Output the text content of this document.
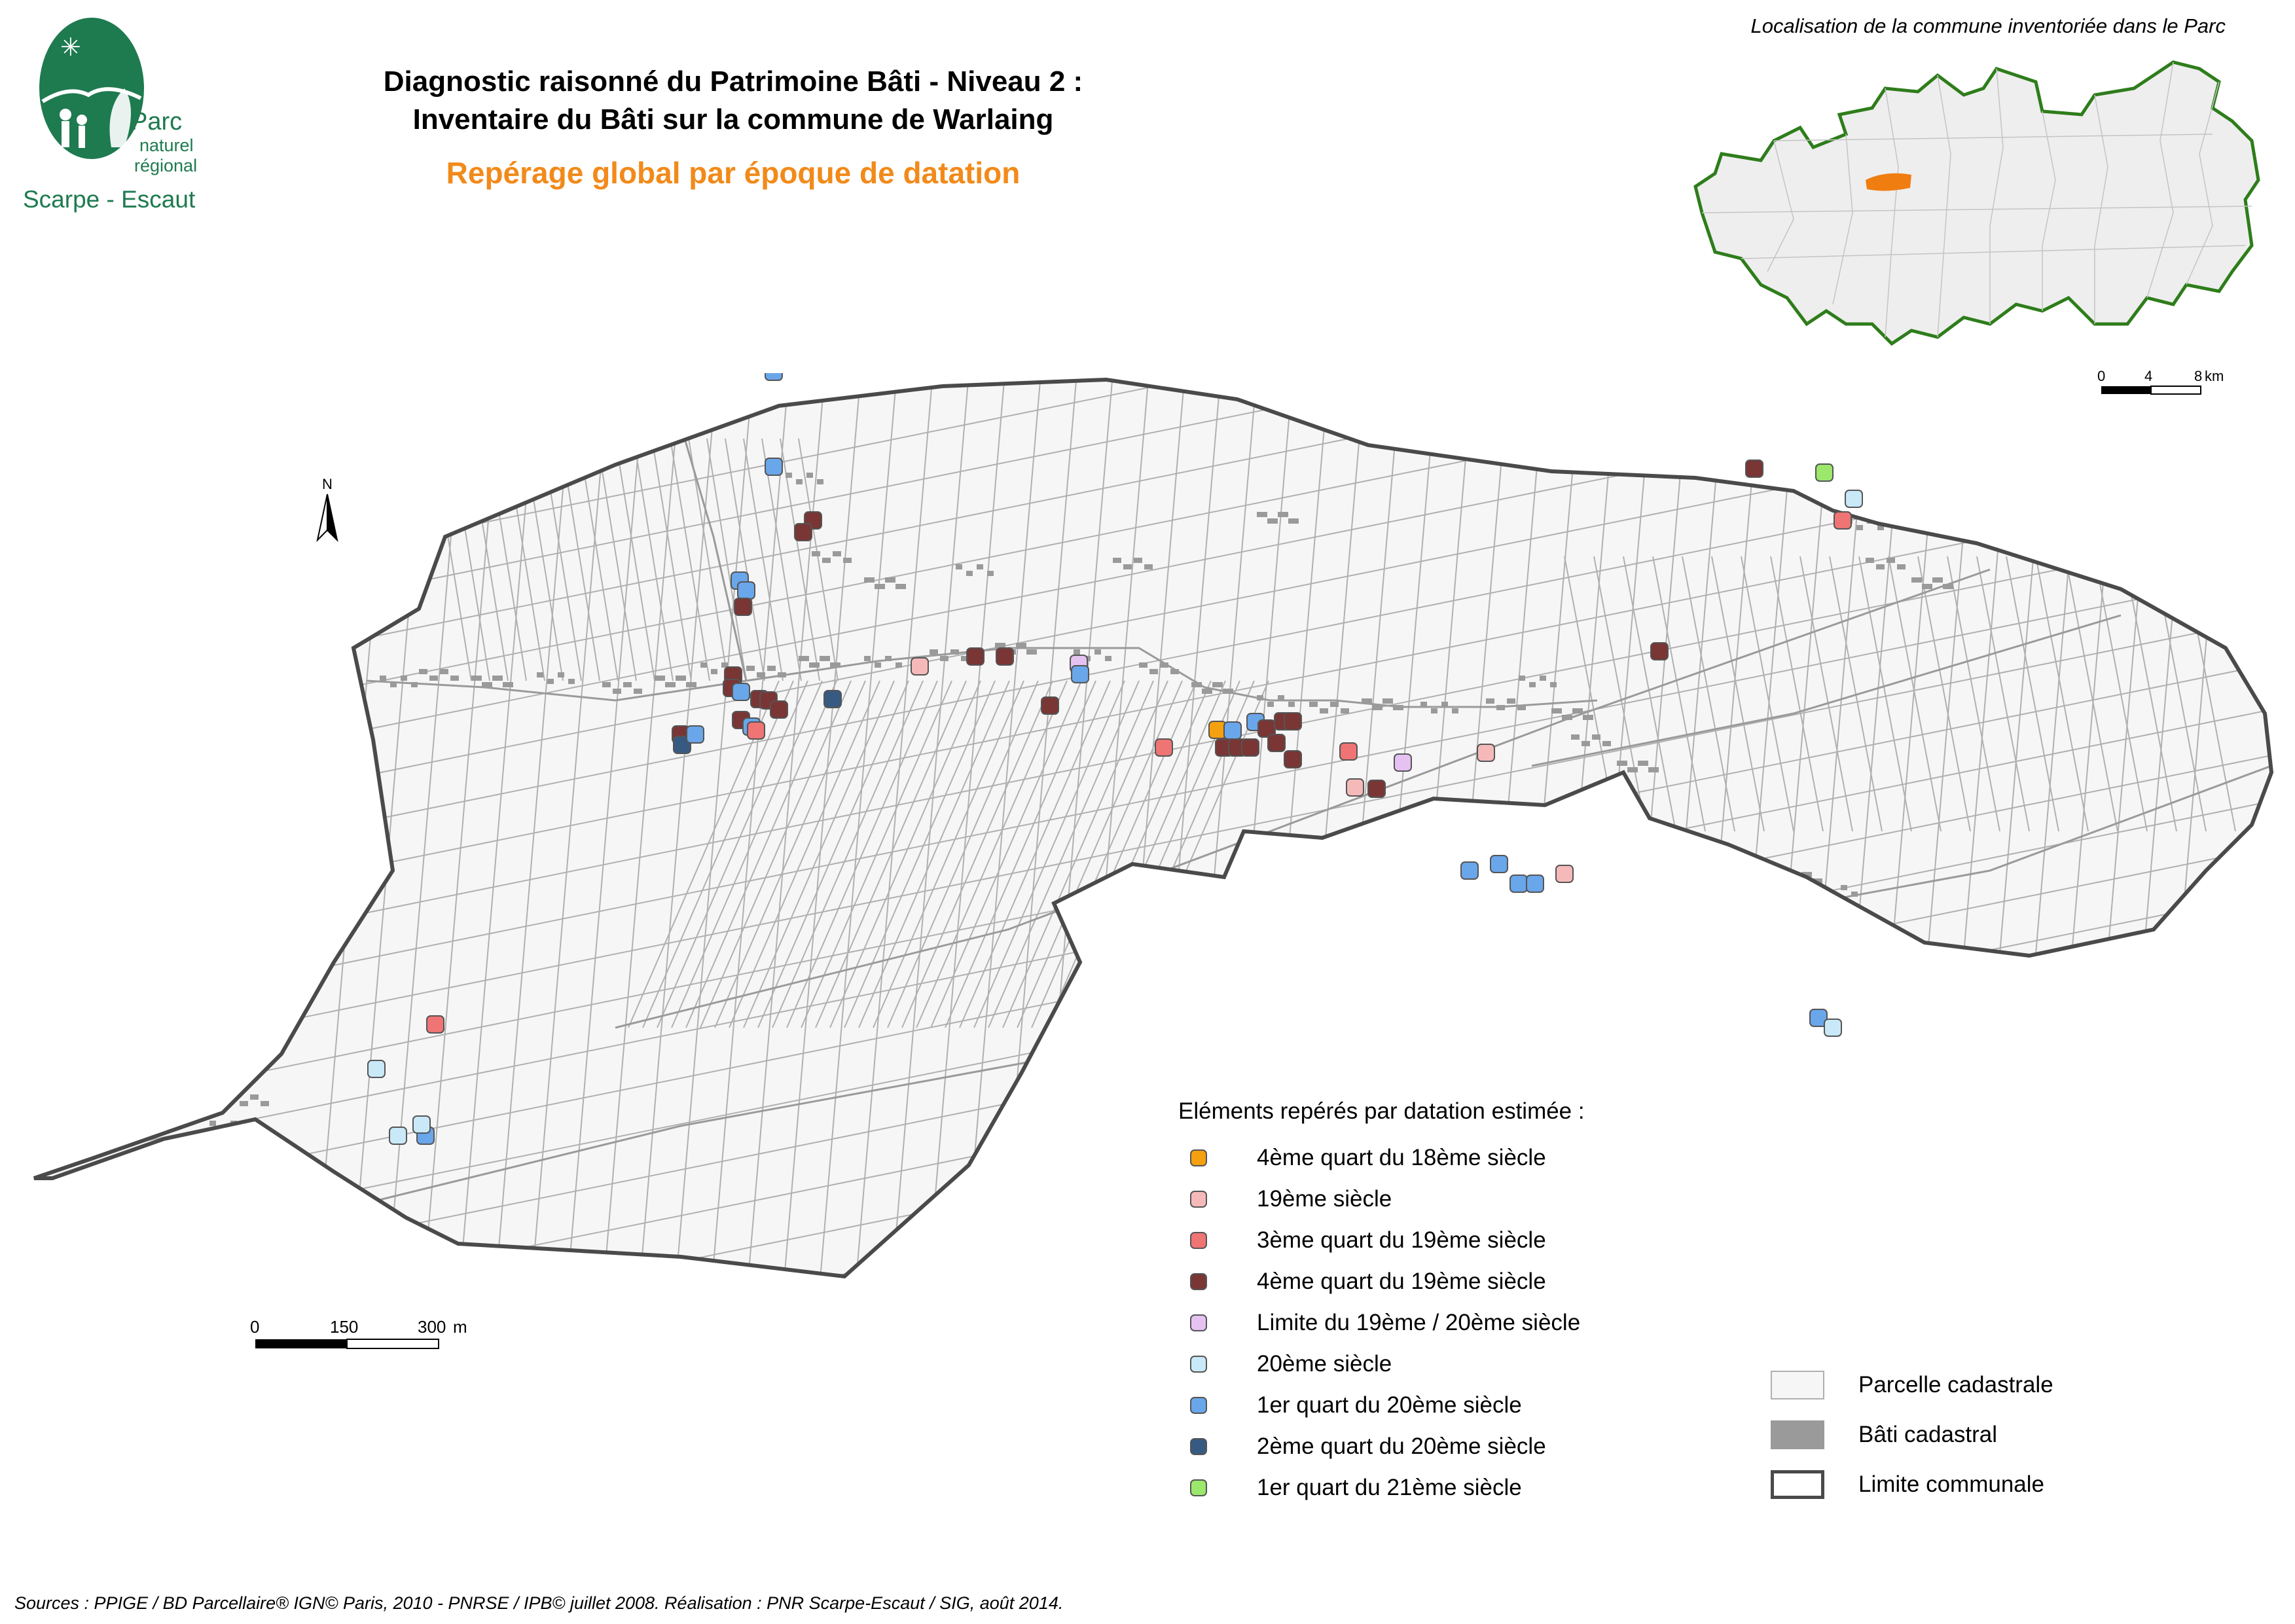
✳
Parc
naturel
régional
Scarpe - Escaut
Diagnostic raisonné du Patrimoine Bâti - Niveau 2 :
Inventaire du Bâti sur la commune de Warlaing
Repérage global par époque de datation
Localisation de la commune inventoriée dans le Parc
0	4	8 km
N
0	150	300 m
Eléments repérés par datation estimée :
4ème quart du 18ème siècle
19ème siècle
3ème quart du 19ème siècle
4ème quart du 19ème siècle
Limite du 19ème / 20ème siècle
20ème siècle
1er quart du 20ème siècle
2ème quart du 20ème siècle
1er quart du 21ème siècle
Parcelle cadastrale
Bâti cadastral
Limite communale
Sources : PPIGE / BD Parcellaire® IGN© Paris, 2010 - PNRSE / IPB© juillet 2008. Réalisation : PNR Scarpe-Escaut / SIG, août 2014.
